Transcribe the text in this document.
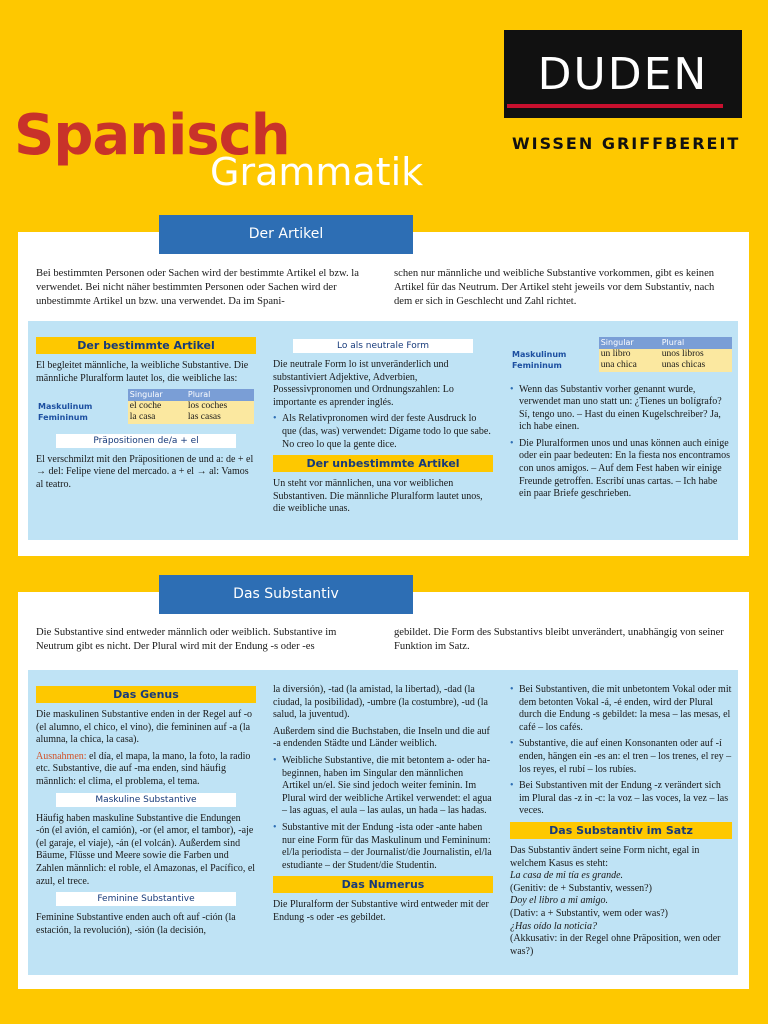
DUDEN
WISSEN GRIFFBEREIT
Spanisch
Grammatik
Der Artikel
Bei bestimmten Personen oder Sachen wird der bestimmte Artikel el bzw. la verwendet. Bei nicht näher bestimmten Personen oder Sachen wird der unbestimmte Artikel un bzw. una verwendet. Da im Spani-
schen nur männliche und weibliche Substantive vorkommen, gibt es keinen Artikel für das Neutrum. Der Artikel steht jeweils vor dem Substantiv, nach dem er sich in Geschlecht und Zahl richtet.
Der bestimmte Artikel

El begleitet männliche, la weibliche Substantive. Die männliche Pluralform lautet los, die weibliche las:

	Singular	Plural
Maskulinum	el coche	los coches
Femininum	la casa	las casas
Präpositionen de/a + el

El verschmilzt mit den Präpositionen de und a: de + el → del: Felipe viene del mercado. a + el → al: Vamos al teatro.

Lo als neutrale Form

Die neutrale Form lo ist unveränderlich und substantiviert Adjektive, Adverbien, Possessivpronomen und Ordnungszahlen: Lo importante es aprender inglés.

• Als Relativpronomen wird der feste Ausdruck lo que (das, was) verwendet: Dígame todo lo que sabe. No creo lo que la gente dice.
Der unbestimmte Artikel

Un steht vor männlichen, una vor weiblichen Substantiven. Die männliche Pluralform lautet unos, die weibliche unas.

	Singular	Plural
Maskulinum	un libro	unos libros
Femininum	una chica	unas chicas
• Wenn das Substantiv vorher genannt wurde, verwendet man uno statt un: ¿Tienes un bolígrafo? Sí, tengo uno. – Hast du einen Kugelschreiber? Ja, ich habe einen.
• Die Pluralformen unos und unas können auch einige oder ein paar bedeuten: En la fiesta nos encontramos con unos amigos. – Auf dem Fest haben wir einige Freunde getroffen. Escribí unas cartas. – Ich habe ein paar Briefe geschrieben.
Das Substantiv
Die Substantive sind entweder männlich oder weiblich. Substantive im Neutrum gibt es nicht. Der Plural wird mit der Endung -s oder -es
gebildet. Die Form des Substantivs bleibt unverändert, unabhängig von seiner Funktion im Satz.
Das Genus

Die maskulinen Substantive enden in der Regel auf -o (el alumno, el chico, el vino), die femininen auf -a (la alumna, la chica, la casa).

Ausnahmen: el día, el mapa, la mano, la foto, la radio etc. Substantive, die auf -ma enden, sind häufig männlich: el clima, el problema, el tema.

Maskuline Substantive

Häufig haben maskuline Substantive die Endungen -ón (el avión, el camión), -or (el amor, el tambor), -aje (el garaje, el viaje), -án (el volcán). Außerdem sind Bäume, Flüsse und Meere sowie die Farben und Zahlen männlich: el roble, el Amazonas, el Pacífico, el azul, el trece.

Feminine Substantive

Feminine Substantive enden auch oft auf -ción (la estación, la revolución), -sión (la decisión,

la diversión), -tad (la amistad, la libertad), -dad (la ciudad, la posibilidad), -umbre (la costumbre), -ud (la salud, la juventud).

Außerdem sind die Buchstaben, die Inseln und die auf -a endenden Städte und Länder weiblich.

• Weibliche Substantive, die mit betontem a- oder ha- beginnen, haben im Singular den männlichen Artikel un/el. Sie sind jedoch weiter feminin. Im Plural wird der weibliche Artikel verwendet: el agua – las aguas, el aula – las aulas, un hada – las hadas.
• Substantive mit der Endung -ista oder -ante haben nur eine Form für das Maskulinum und Femininum: el/la periodista – der Journalist/die Journalistin, el/la estudiante – der Student/die Studentin.
Das Numerus

Die Pluralform der Substantive wird entweder mit der Endung -s oder -es gebildet.

• Bei Substantiven, die mit unbetontem Vokal oder mit dem betonten Vokal -á, -é enden, wird der Plural durch die Endung -s gebildet: la mesa – las mesas, el café – los cafés.
• Substantive, die auf einen Konsonanten oder auf -í enden, hängen ein -es an: el tren – los trenes, el rey – los reyes, el rubí – los rubíes.
• Bei Substantiven mit der Endung -z verändert sich im Plural das -z in -c: la voz – las voces, la vez – las veces.
Das Substantiv im Satz

Das Substantiv ändert seine Form nicht, egal in welchem Kasus es steht:

La casa de mi tía es grande.
(Genitiv: de + Substantiv, wessen?)
Doy el libro a mi amigo.
(Dativ: a + Substantiv, wem oder was?)
¿Has oído la noticia?
(Akkusativ: in der Regel ohne Präposition, wen oder was?)
